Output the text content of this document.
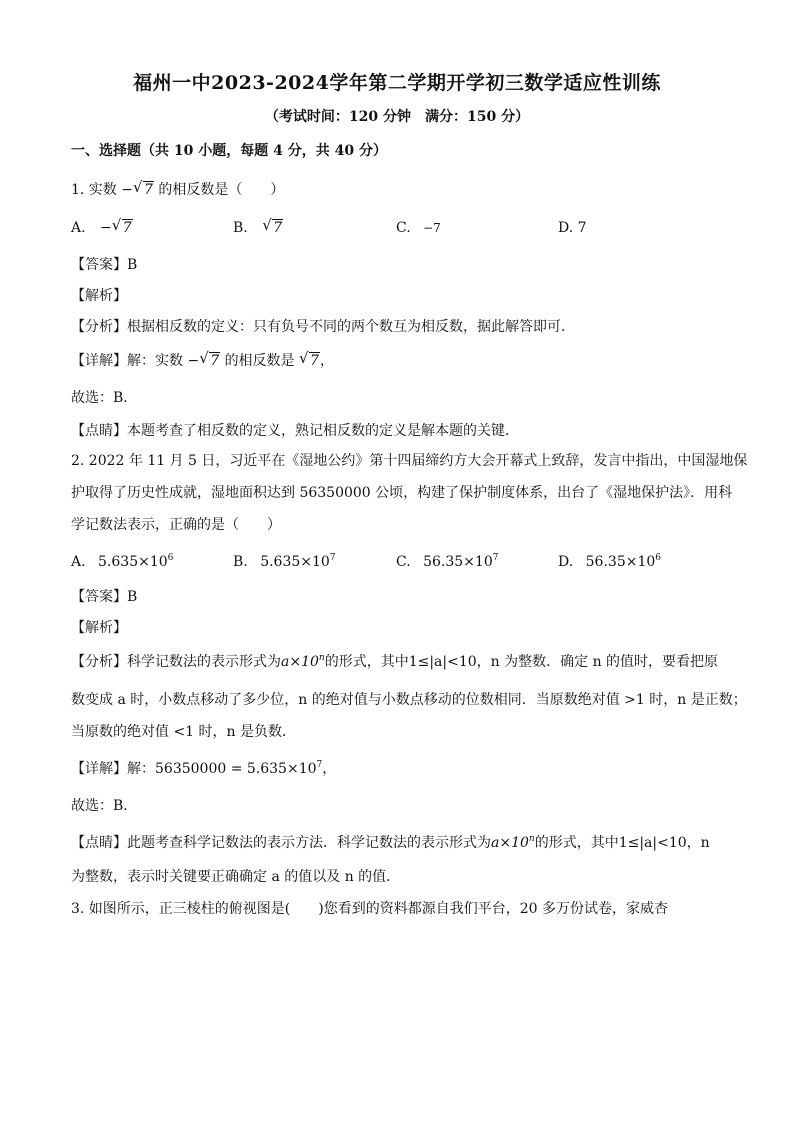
福州一中2023-2024学年第二学期开学初三数学适应性训练
（考试时间：120 分钟　满分：150 分）
一、选择题（共 10 小题，每题 4 分，共 40 分）
1. 实数 − √ 7 的相反数是（　　）
A. − √ 7	B. √ 7	C. −7	D. 7
【答案】B
【解析】
【分析】根据相反数的定义：只有负号不同的两个数互为相反数，据此解答即可．
【详解】解：实数 − √ 7 的相反数是 √ 7，
故选：B．
【点睛】本题考查了相反数的定义，熟记相反数的定义是解本题的关键．
2. 2022 年 11 月 5 日，习近平在《湿地公约》第十四届缔约方大会开幕式上致辞，发言中指出，中国湿地保
护取得了历史性成就，湿地面积达到 56350000 公顷，构建了保护制度体系，出台了《湿地保护法》．用科
学记数法表示，正确的是（　　）
A. $5.635\times 10^6$	B. $5.635\times 10^7$	C. $56.35\times 10^7$	D. $56.35\times 10^6$
【答案】B
【解析】
【分析】科学记数法的表示形式为$a\times 10^n$的形式，其中1≤|a|<10，n 为整数．确定 n 的值时，要看把原
数变成 a 时，小数点移动了多少位，n 的绝对值与小数点移动的位数相同．当原数绝对值 >1 时，n 是正数；
当原数的绝对值 <1 时，n 是负数．
【详解】解：$56350000 = 5.635\times 10^7$，
故选：B．
【点睛】此题考查科学记数法的表示方法．科学记数法的表示形式为$a\times 10^n$的形式，其中1≤|a|<10，n
为整数，表示时关键要正确确定 a 的值以及 n 的值．
3. 如图所示，正三棱柱的俯视图是(　　)您看到的资料都源自我们平台，20 多万份试卷，家威杏
